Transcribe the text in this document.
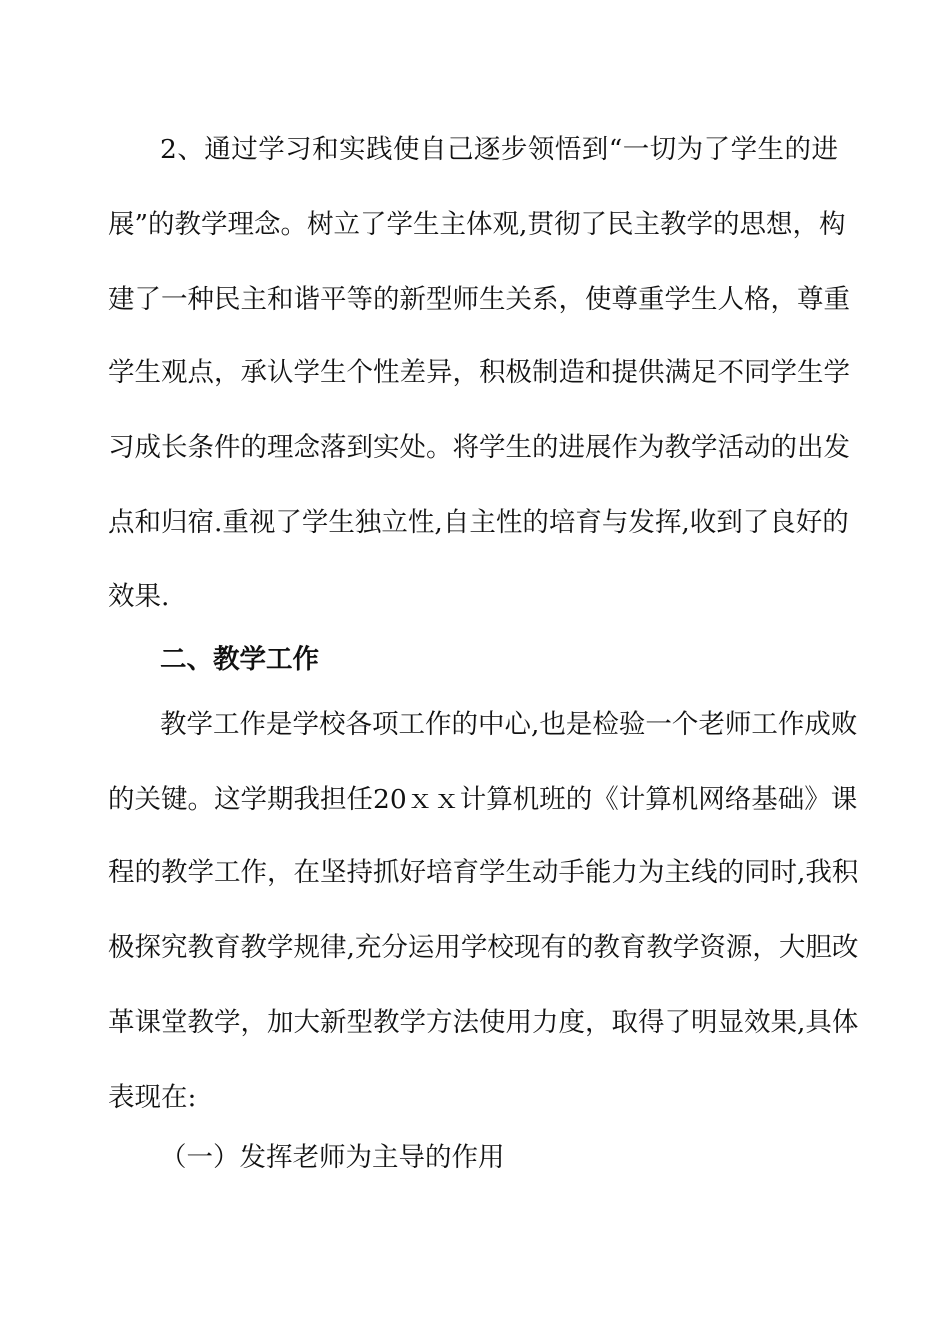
2、通过学习和实践使自己逐步领悟到“一切为了学生的进
展”的教学理念。树立了学生主体观,贯彻了民主教学的思想，构
建了一种民主和谐平等的新型师生关系，使尊重学生人格，尊重
学生观点，承认学生个性差异，积极制造和提供满足不同学生学
习成长条件的理念落到实处。将学生的进展作为教学活动的出发
点和归宿.重视了学生独立性,自主性的培育与发挥,收到了良好的
效果.
二、教学工作
教学工作是学校各项工作的中心,也是检验一个老师工作成败
的关键。这学期我担任20ｘｘ计算机班的《计算机网络基础》课
程的教学工作，在坚持抓好培育学生动手能力为主线的同时,我积
极探究教育教学规律,充分运用学校现有的教育教学资源，大胆改
革课堂教学，加大新型教学方法使用力度，取得了明显效果,具体
表现在:
（一）发挥老师为主导的作用
